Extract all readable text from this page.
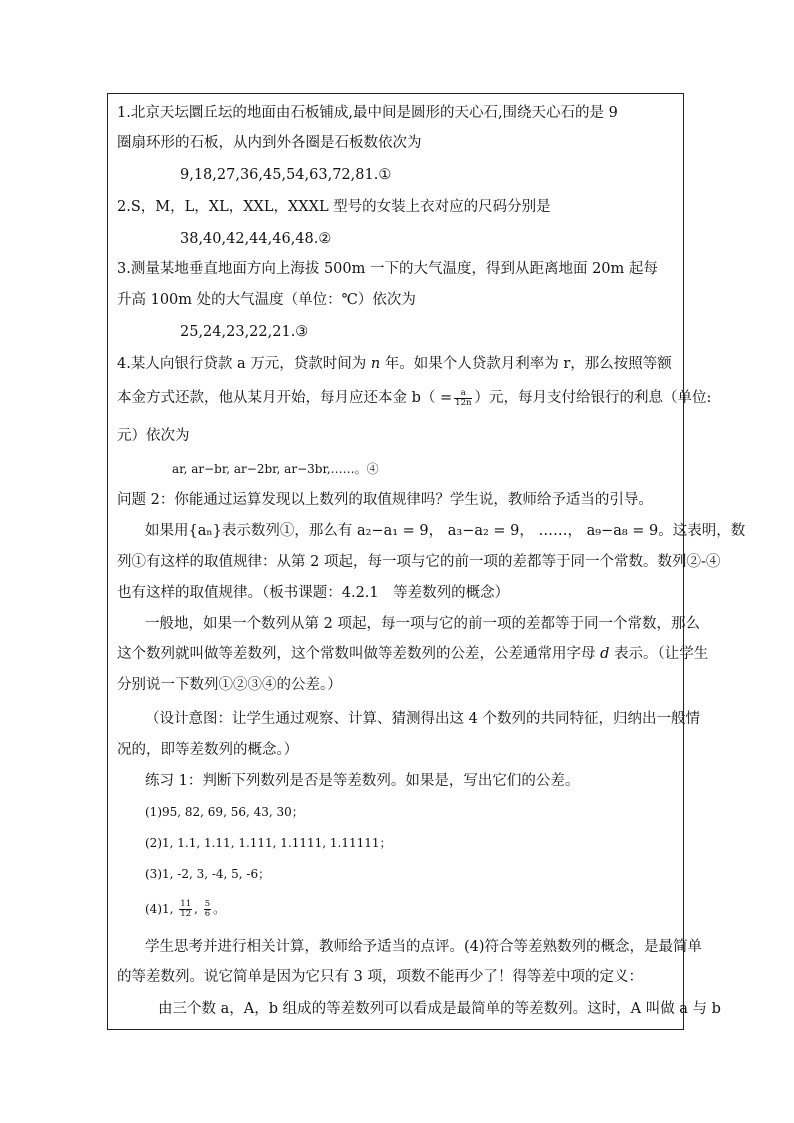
1.北京天坛圜丘坛的地面由石板铺成,最中间是圆形的天心石,围绕天心石的是 9
圈扇环形的石板，从内到外各圈是石板数依次为
9,18,27,36,45,54,63,72,81.①
2.S，M，L，XL，XXL，XXXL 型号的女装上衣对应的尺码分别是
38,40,42,44,46,48.②
3.测量某地垂直地面方向上海拔 500m 一下的大气温度，得到从距离地面 20m 起每
升高 100m 处的大气温度（单位：℃）依次为
25,24,23,22,21.③
4.某人向银行贷款 a 万元，贷款时间为 n 年。如果个人贷款月利率为 r，那么按照等额
本金方式还款，他从某月开始，每月应还本金 $b( = \frac{a}{12n}$ ）元，每月支付给银行的利息（单位:
元）依次为
ar, ar−br, ar−2br, ar−3br,……。④
问题 2：你能通过运算发现以上数列的取值规律吗？学生说，教师给予适当的引导。
如果用{aₙ}表示数列①，那么有 a₂−a₁ = 9， a₃−a₂ = 9， ……， a₉−a₈ = 9。这表明，数
列①有这样的取值规律：从第 2 项起，每一项与它的前一项的差都等于同一个常数。数列②-④
也有这样的取值规律。（板书课题：4.2.1　等差数列的概念）
一般地，如果一个数列从第 2 项起，每一项与它的前一项的差都等于同一个常数，那么
这个数列就叫做等差数列，这个常数叫做等差数列的公差，公差通常用字母 d 表示。（让学生
分别说一下数列①②③④的公差。）
（设计意图：让学生通过观察、计算、猜测得出这 4 个数列的共同特征，归纳出一般情
况的，即等差数列的概念。）
练习 1：判断下列数列是否是等差数列。如果是，写出它们的公差。
(1)95, 82, 69, 56, 43, 30；
(2)1, 1.1, 1.11, 1.111, 1.1111, 1.11111；
(3)1, -2, 3, -4, 5, -6；
(4)1, $\frac{11}{12}$ , $\frac{5}{6}$ 。
学生思考并进行相关计算，教师给予适当的点评。(4)符合等差熟数列的概念，是最简单
的等差数列。说它简单是因为它只有 3 项，项数不能再少了！得等差中项的定义：
由三个数 a，A，b 组成的等差数列可以看成是最简单的等差数列。这时，A 叫做 a 与 b
